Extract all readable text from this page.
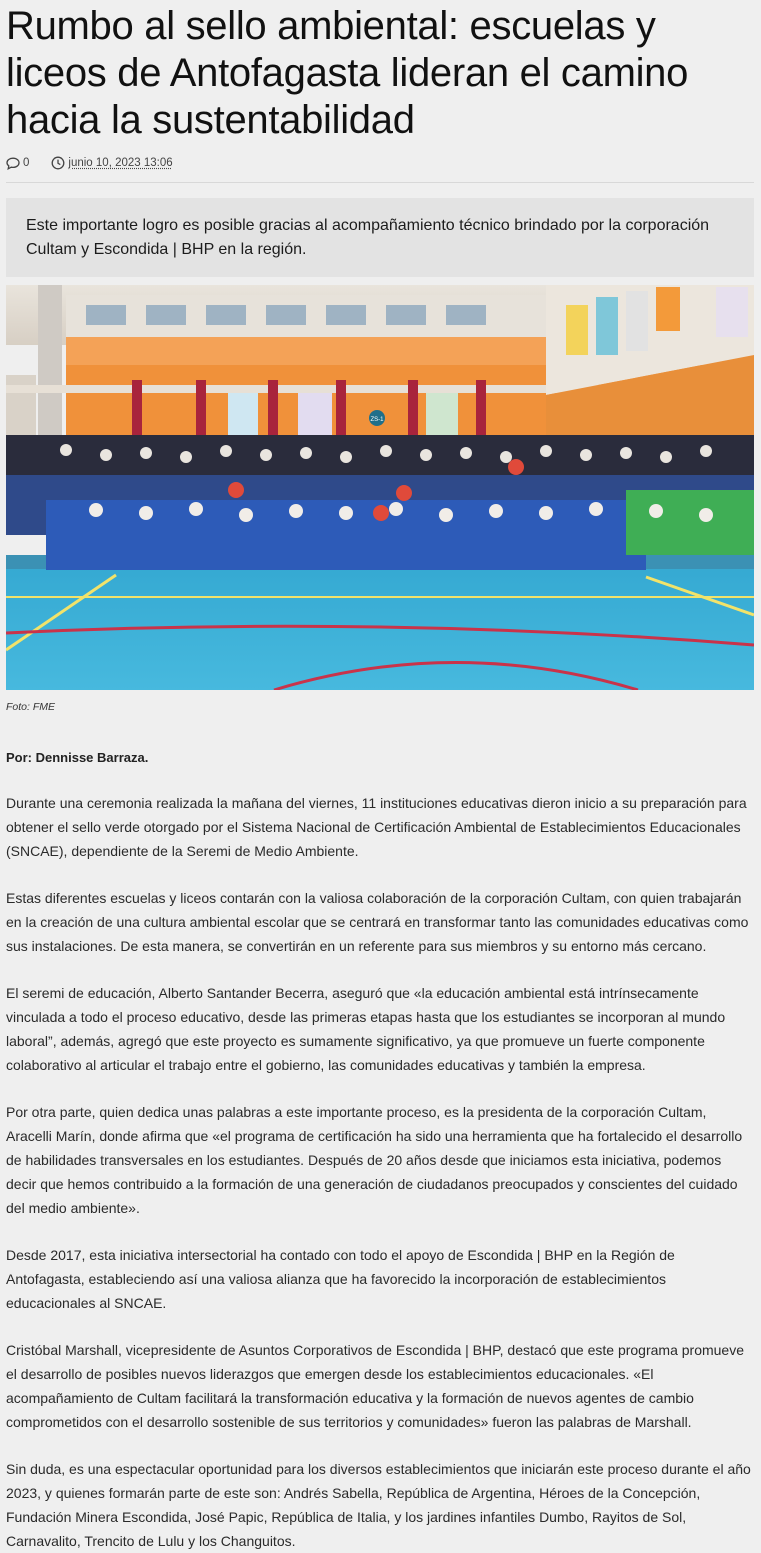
Rumbo al sello ambiental: escuelas y liceos de Antofagasta lideran el camino hacia la sustentabilidad
0	junio 10, 2023 13:06
Este importante logro es posible gracias al acompañamiento técnico brindado por la corporación Cultam y Escondida | BHP en la región.
ZS-1
Foto: FME
Por: Dennisse Barraza.

Durante una ceremonia realizada la mañana del viernes, 11 instituciones educativas dieron inicio a su preparación para obtener el sello verde otorgado por el Sistema Nacional de Certificación Ambiental de Establecimientos Educacionales (SNCAE), dependiente de la Seremi de Medio Ambiente.

Estas diferentes escuelas y liceos contarán con la valiosa colaboración de la corporación Cultam, con quien trabajarán en la creación de una cultura ambiental escolar que se centrará en transformar tanto las comunidades educativas como sus instalaciones. De esta manera, se convertirán en un referente para sus miembros y su entorno más cercano.

El seremi de educación, Alberto Santander Becerra, aseguró que «la educación ambiental está intrínsecamente vinculada a todo el proceso educativo, desde las primeras etapas hasta que los estudiantes se incorporan al mundo laboral”, además, agregó que este proyecto es sumamente significativo, ya que promueve un fuerte componente colaborativo al articular el trabajo entre el gobierno, las comunidades educativas y también la empresa.

Por otra parte, quien dedica unas palabras a este importante proceso, es la presidenta de la corporación Cultam, Aracelli Marín, donde afirma que «el programa de certificación ha sido una herramienta que ha fortalecido el desarrollo de habilidades transversales en los estudiantes. Después de 20 años desde que iniciamos esta iniciativa, podemos decir que hemos contribuido a la formación de una generación de ciudadanos preocupados y conscientes del cuidado del medio ambiente».

Desde 2017, esta iniciativa intersectorial ha contado con todo el apoyo de Escondida | BHP en la Región de Antofagasta, estableciendo así una valiosa alianza que ha favorecido la incorporación de establecimientos educacionales al SNCAE.

Cristóbal Marshall, vicepresidente de Asuntos Corporativos de Escondida | BHP, destacó que este programa promueve el desarrollo de posibles nuevos liderazgos que emergen desde los establecimientos educacionales. «El acompañamiento de Cultam facilitará la transformación educativa y la formación de nuevos agentes de cambio comprometidos con el desarrollo sostenible de sus territorios y comunidades» fueron las palabras de Marshall.

Sin duda, es una espectacular oportunidad para los diversos establecimientos que iniciarán este proceso durante el año 2023, y quienes formarán parte de este son: Andrés Sabella, República de Argentina, Héroes de la Concepción, Fundación Minera Escondida, José Papic, República de Italia, y los jardines infantiles Dumbo, Rayitos de Sol, Carnavalito, Trencito de Lulu y los Changuitos.
